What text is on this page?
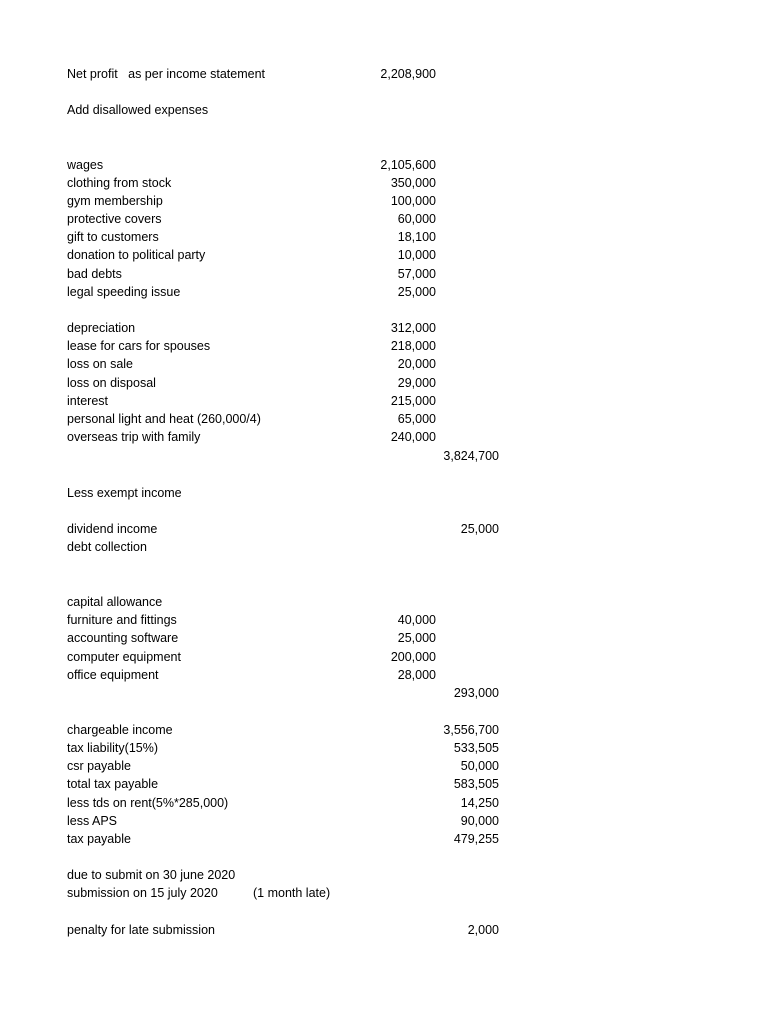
Net profit   as per income statement	2,208,900
Add disallowed expenses
wages	2,105,600
clothing from stock	350,000
gym membership	100,000
protective covers	60,000
gift to customers	18,100
donation to political party	10,000
bad debts	57,000
legal speeding issue	25,000
depreciation	312,000
lease for cars for spouses	218,000
loss on sale	20,000
loss on disposal	29,000
interest	215,000
personal light and heat (260,000/4)	65,000
overseas trip with family	240,000
3,824,700
Less exempt income
dividend income	25,000
debt collection
capital allowance
furniture and fittings	40,000
accounting software	25,000
computer equipment	200,000
office equipment	28,000
293,000
chargeable income	3,556,700
tax liability(15%)	533,505
csr payable	50,000
total tax payable	583,505
less tds on rent(5%*285,000)	14,250
less APS	90,000
tax payable	479,255
due to submit on 30 june 2020
submission on 15 july 2020	(1 month late)
penalty for late submission	2,000
